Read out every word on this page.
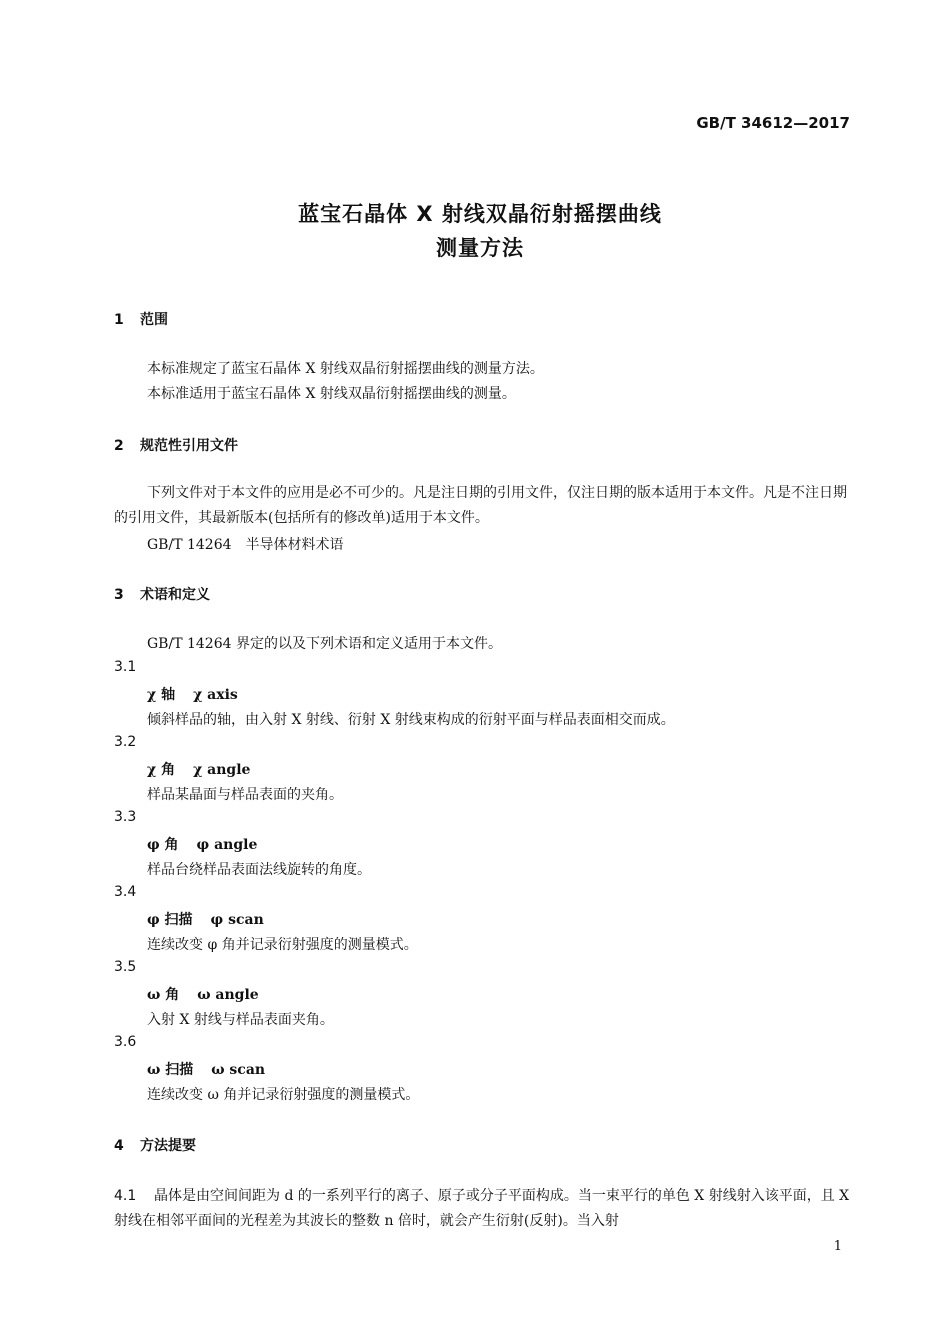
GB/T 34612—2017
蓝宝石晶体 X 射线双晶衍射摇摆曲线
测量方法
1 范围
本标准规定了蓝宝石晶体 X 射线双晶衍射摇摆曲线的测量方法。
本标准适用于蓝宝石晶体 X 射线双晶衍射摇摆曲线的测量。
2 规范性引用文件
下列文件对于本文件的应用是必不可少的。凡是注日期的引用文件，仅注日期的版本适用于本文件。凡是不注日期的引用文件，其最新版本(包括所有的修改单)适用于本文件。
GB/T 14264　半导体材料术语
3 术语和定义
GB/T 14264 界定的以及下列术语和定义适用于本文件。
3.1
χ 轴 χ axis
倾斜样品的轴，由入射 X 射线、衍射 X 射线束构成的衍射平面与样品表面相交而成。
3.2
χ 角 χ angle
样品某晶面与样品表面的夹角。
3.3
φ 角 φ angle
样品台绕样品表面法线旋转的角度。
3.4
φ 扫描 φ scan
连续改变 φ 角并记录衍射强度的测量模式。
3.5
ω 角 ω angle
入射 X 射线与样品表面夹角。
3.6
ω 扫描 ω scan
连续改变 ω 角并记录衍射强度的测量模式。
4 方法提要
4.1 晶体是由空间间距为 d 的一系列平行的离子、原子或分子平面构成。当一束平行的单色 X 射线射入该平面，且 X 射线在相邻平面间的光程差为其波长的整数 n 倍时，就会产生衍射(反射)。当入射
1
